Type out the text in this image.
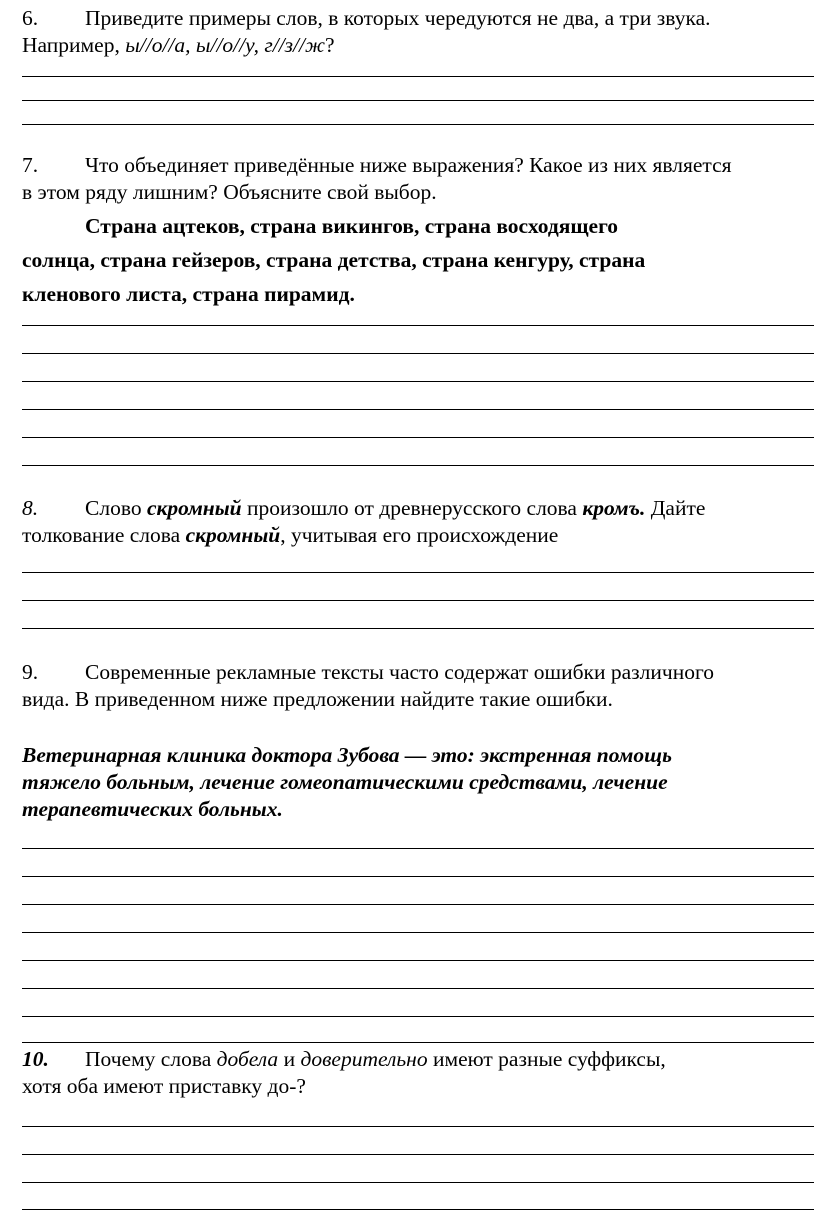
6. Приведите примеры слов, в которых чередуются не два, а три звука.
Например, ы//о//а, ы//о//у, г//з//ж?
7. Что объединяет приведённые ниже выражения? Какое из них является
в этом ряду лишним? Объясните свой выбор.
Страна ацтеков, страна викингов, страна восходящего
солнца, страна гейзеров, страна детства, страна кенгуру, страна
кленового листа, страна пирамид.
8. Слово скромный произошло от древнерусского слова кромъ. Дайте
толкование слова скромный, учитывая его происхождение
9. Современные рекламные тексты часто содержат ошибки различного
вида. В приведенном ниже предложении найдите такие ошибки.
Ветеринарная клиника доктора Зубова — это: экстренная помощь
тяжело больным, лечение гомеопатическими средствами, лечение
терапевтических больных.
10. Почему слова добела и доверительно имеют разные суффиксы,
хотя оба имеют приставку до-?
